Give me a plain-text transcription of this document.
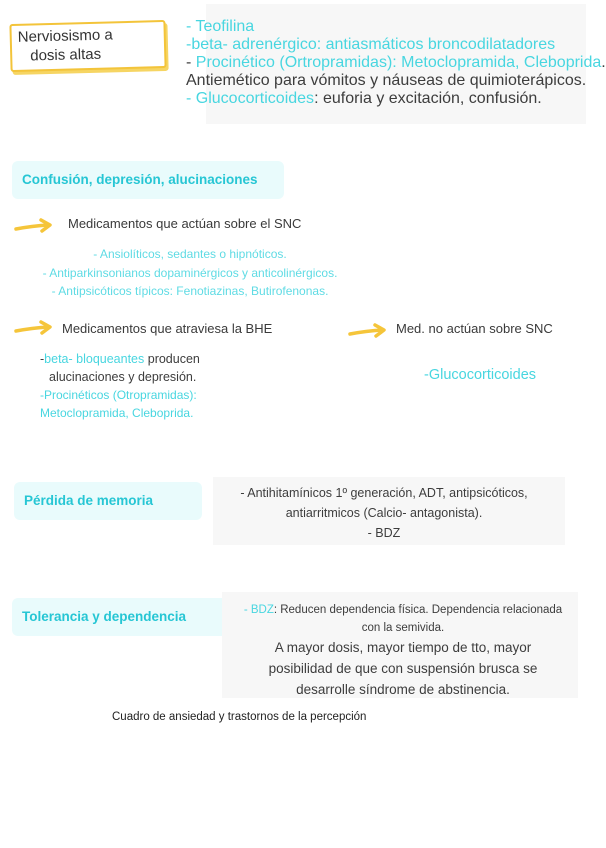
Nerviosismo a
dosis altas
- Teofilina
-beta- adrenérgico: antiasmáticos broncodilatadores
- Procinético (Ortropramidas): Metoclopramida, Cleboprida.
Antiemético para vómitos y náuseas de quimioterápicos.
- Glucocorticoides: euforia y excitación, confusión.
Confusión, depresión, alucinaciones
Medicamentos que actúan sobre el SNC
- Ansiolíticos, sedantes o hipnóticos.
- Antiparkinsonianos dopaminérgicos y anticolinérgicos.
- Antipsicóticos típicos: Fenotiazinas, Butirofenonas.
Medicamentos que atraviesa la BHE
-beta- bloqueantes producen
alucinaciones y depresión.
-Procinéticos (Otropramidas):
Metoclopramida, Cleboprida.
Med. no actúan sobre SNC
-Glucocorticoides
Pérdida de memoria	- Antihitamínicos 1º generación, ADT, antipsicóticos,
antiarritmicos (Calcio- antagonista).
- BDZ
Tolerancia y dependencia	- BDZ: Reducen dependencia física. Dependencia relacionada
con la semivida.
A mayor dosis, mayor tiempo de tto, mayor
posibilidad de que con suspensión brusca se
desarrolle síndrome de abstinencia.
Cuadro de ansiedad y trastornos de la percepción
